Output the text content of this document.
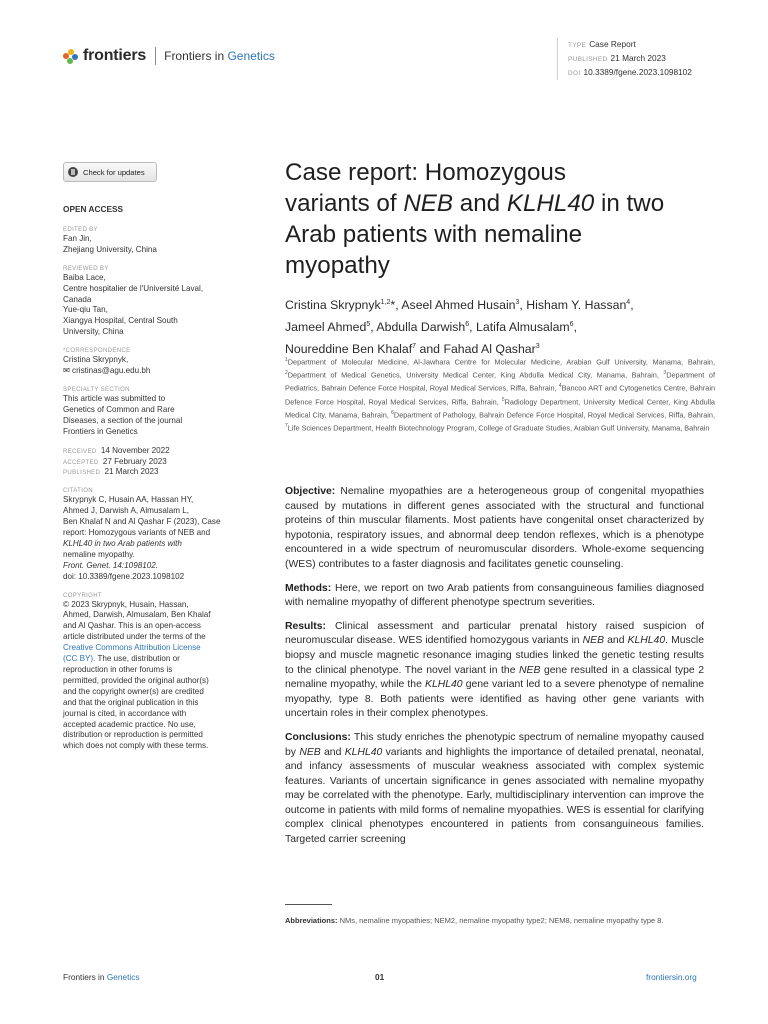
frontiers Frontiers in Genetics
TYPE Case Report
PUBLISHED 21 March 2023
DOI 10.3389/fgene.2023.1098102
Check for updates
OPEN ACCESS
EDITED BY
Fan Jin,
Zhejiang University, China
REVIEWED BY
Baiba Lace,
Centre hospitalier de l'Université Laval,
Canada
Yue-qiu Tan,
Xiangya Hospital, Central South
University, China
*CORRESPONDENCE
Cristina Skrypnyk,
✉ cristinas@agu.edu.bh
SPECIALTY SECTION
This article was submitted to
Genetics of Common and Rare
Diseases, a section of the journal
Frontiers in Genetics
RECEIVED 14 November 2022
ACCEPTED 27 February 2023
PUBLISHED 21 March 2023
CITATION
Skrypnyk C, Husain AA, Hassan HY,
Ahmed J, Darwish A, Almusalam L,
Ben Khalaf N and Al Qashar F (2023), Case
report: Homozygous variants of NEB and
KLHL40 in two Arab patients with
nemaline myopathy.
Front. Genet. 14:1098102.
doi: 10.3389/fgene.2023.1098102
COPYRIGHT
© 2023 Skrypnyk, Husain, Hassan,
Ahmed, Darwish, Almusalam, Ben Khalaf
and Al Qashar. This is an open-access
article distributed under the terms of the
Creative Commons Attribution License
(CC BY). The use, distribution or
reproduction in other forums is
permitted, provided the original author(s)
and the copyright owner(s) are credited
and that the original publication in this
journal is cited, in accordance with
accepted academic practice. No use,
distribution or reproduction is permitted
which does not comply with these terms.
Case report: Homozygous
variants of NEB and KLHL40 in two
Arab patients with nemaline
myopathy
Cristina Skrypnyk$^{1,2}$*, Aseel Ahmed Husain$^3$, Hisham Y. Hassan$^4$,
Jameel Ahmed$^5$, Abdulla Darwish$^6$, Latifa Almusalam$^6$,
Noureddine Ben Khalaf$^7$ and Fahad Al Qashar$^3$
$^1$Department of Molecular Medicine, Al-Jawhara Centre for Molecular Medicine, Arabian Gulf University, Manama, Bahrain, $^2$Department of Medical Genetics, University Medical Center, King Abdulla Medical City, Manama, Bahrain, $^3$Department of Pediatrics, Bahrain Defence Force Hospital, Royal Medical Services, Riffa, Bahrain, $^4$Bancoo ART and Cytogenetics Centre, Bahrain Defence Force Hospital, Royal Medical Services, Riffa, Bahrain, $^5$Radiology Department, University Medical Center, King Abdulla Medical City, Manama, Bahrain, $^6$Department of Pathology, Bahrain Defence Force Hospital, Royal Medical Services, Riffa, Bahrain, $^7$Life Sciences Department, Health Biotechnology Program, College of Graduate Studies, Arabian Gulf University, Manama, Bahrain

Objective: Nemaline myopathies are a heterogeneous group of congenital myopathies caused by mutations in different genes associated with the structural and functional proteins of thin muscular filaments. Most patients have congenital onset characterized by hypotonia, respiratory issues, and abnormal deep tendon reflexes, which is a phenotype encountered in a wide spectrum of neuromuscular disorders. Whole-exome sequencing (WES) contributes to a faster diagnosis and facilitates genetic counseling.

Methods: Here, we report on two Arab patients from consanguineous families diagnosed with nemaline myopathy of different phenotype spectrum severities.

Results: Clinical assessment and particular prenatal history raised suspicion of neuromuscular disease. WES identified homozygous variants in NEB and KLHL40. Muscle biopsy and muscle magnetic resonance imaging studies linked the genetic testing results to the clinical phenotype. The novel variant in the NEB gene resulted in a classical type 2 nemaline myopathy, while the KLHL40 gene variant led to a severe phenotype of nemaline myopathy, type 8. Both patients were identified as having other gene variants with uncertain roles in their complex phenotypes.

Conclusions: This study enriches the phenotypic spectrum of nemaline myopathy caused by NEB and KLHL40 variants and highlights the importance of detailed prenatal, neonatal, and infancy assessments of muscular weakness associated with complex systemic features. Variants of uncertain significance in genes associated with nemaline myopathy may be correlated with the phenotype. Early, multidisciplinary intervention can improve the outcome in patients with mild forms of nemaline myopathies. WES is essential for clarifying complex clinical phenotypes encountered in patients from consanguineous families. Targeted carrier screening

Abbreviations: NMs, nemaline myopathies; NEM2, nemaline myopathy type2; NEM8, nemaline myopathy type 8.
Frontiers in Genetics	01	frontiersin.org
